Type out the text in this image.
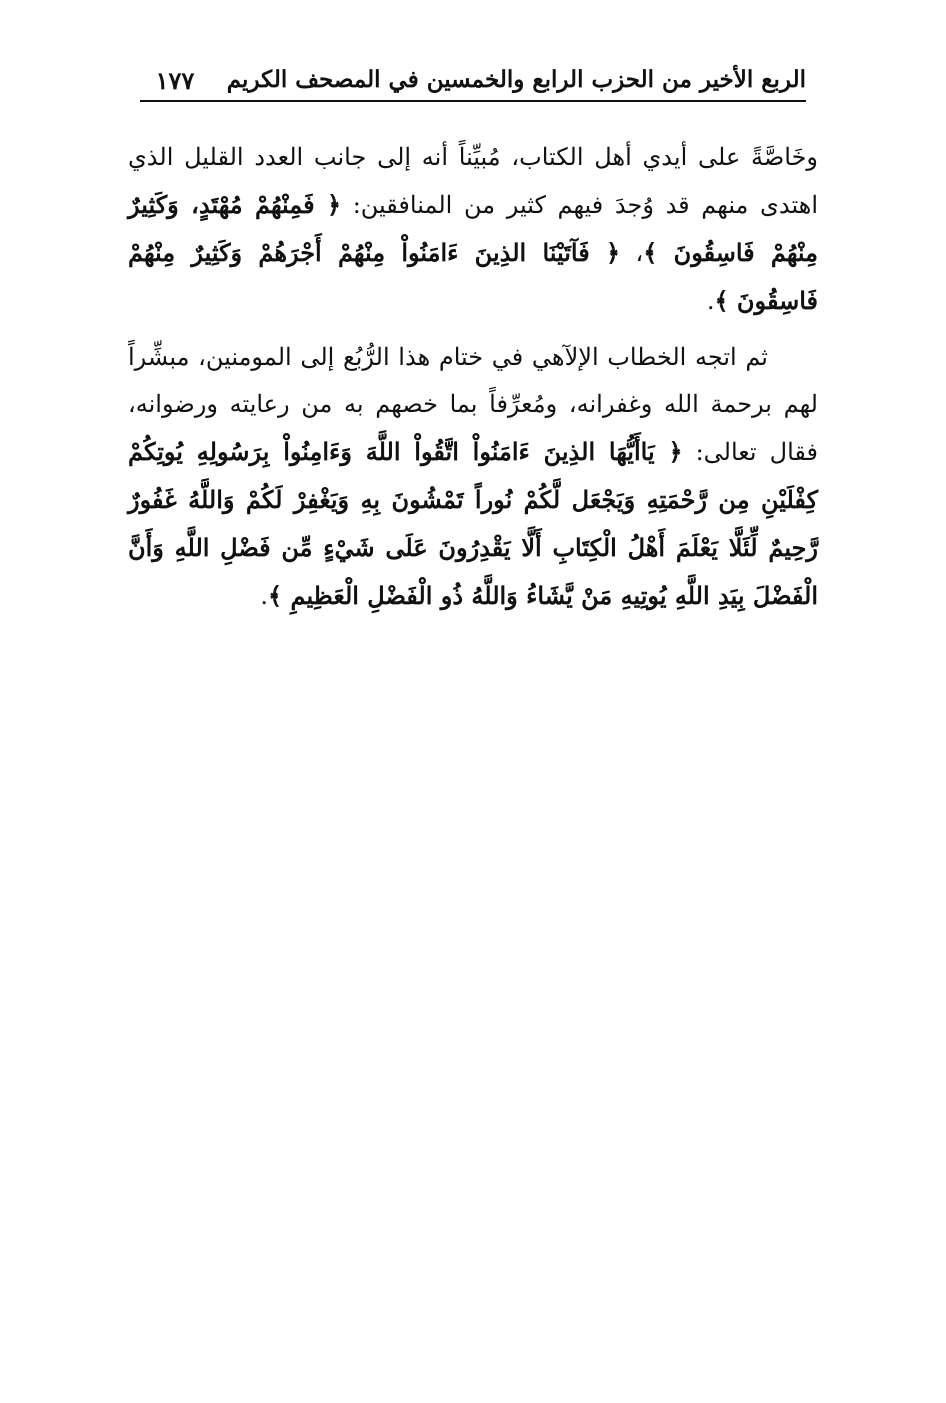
الربع الأخير من الحزب الرابع والخمسين في المصحف الكريم
١٧٧

وخَاصَّةً على أيدي أهل الكتاب، مُبيِّناً أنه إلى جانب العدد القليل الذي اهتدى منهم قد وُجدَ فيهم كثير من المنافقين: ﴿ فَمِنْهُمْ مُهْتَدٍ، وَكَثِيرٌ مِنْهُمْ فَاسِقُونَ ﴾، ﴿ فَآتَيْنَا الذِينَ ءَامَنُواْ مِنْهُمْ أَجْرَهُمْ وَكَثِيرٌ مِنْهُمْ فَاسِقُونَ ﴾.

ثم اتجه الخطاب الإلآهي في ختام هذا الرُّبُع إلى المومنين، مبشِّراً لهم برحمة الله وغفرانه، ومُعرِّفاً بما خصهم به من رعايته ورضوانه، فقال تعالى: ﴿ يَاأَيُّهَا الذِينَ ءَامَنُواْ اتَّقُواْ اللَّهَ وَءَامِنُواْ بِرَسُولِهِ يُوتِكُمْ كِفْلَيْنِ مِن رَّحْمَتِهِ وَيَجْعَل لَّكُمْ نُوراً تَمْشُونَ بِهِ وَيَغْفِرْ لَكُمْ وَاللَّهُ غَفُورٌ رَّحِيمٌ لِّئَلَّا يَعْلَمَ أَهْلُ الْكِتَابِ أَلَّا يَقْدِرُونَ عَلَى شَيْءٍ مِّن فَضْلِ اللَّهِ وَأَنَّ الْفَضْلَ بِيَدِ اللَّهِ يُوتِيهِ مَنْ يَّشَاءُ وَاللَّهُ ذُو الْفَضْلِ الْعَظِيمِ ﴾.
